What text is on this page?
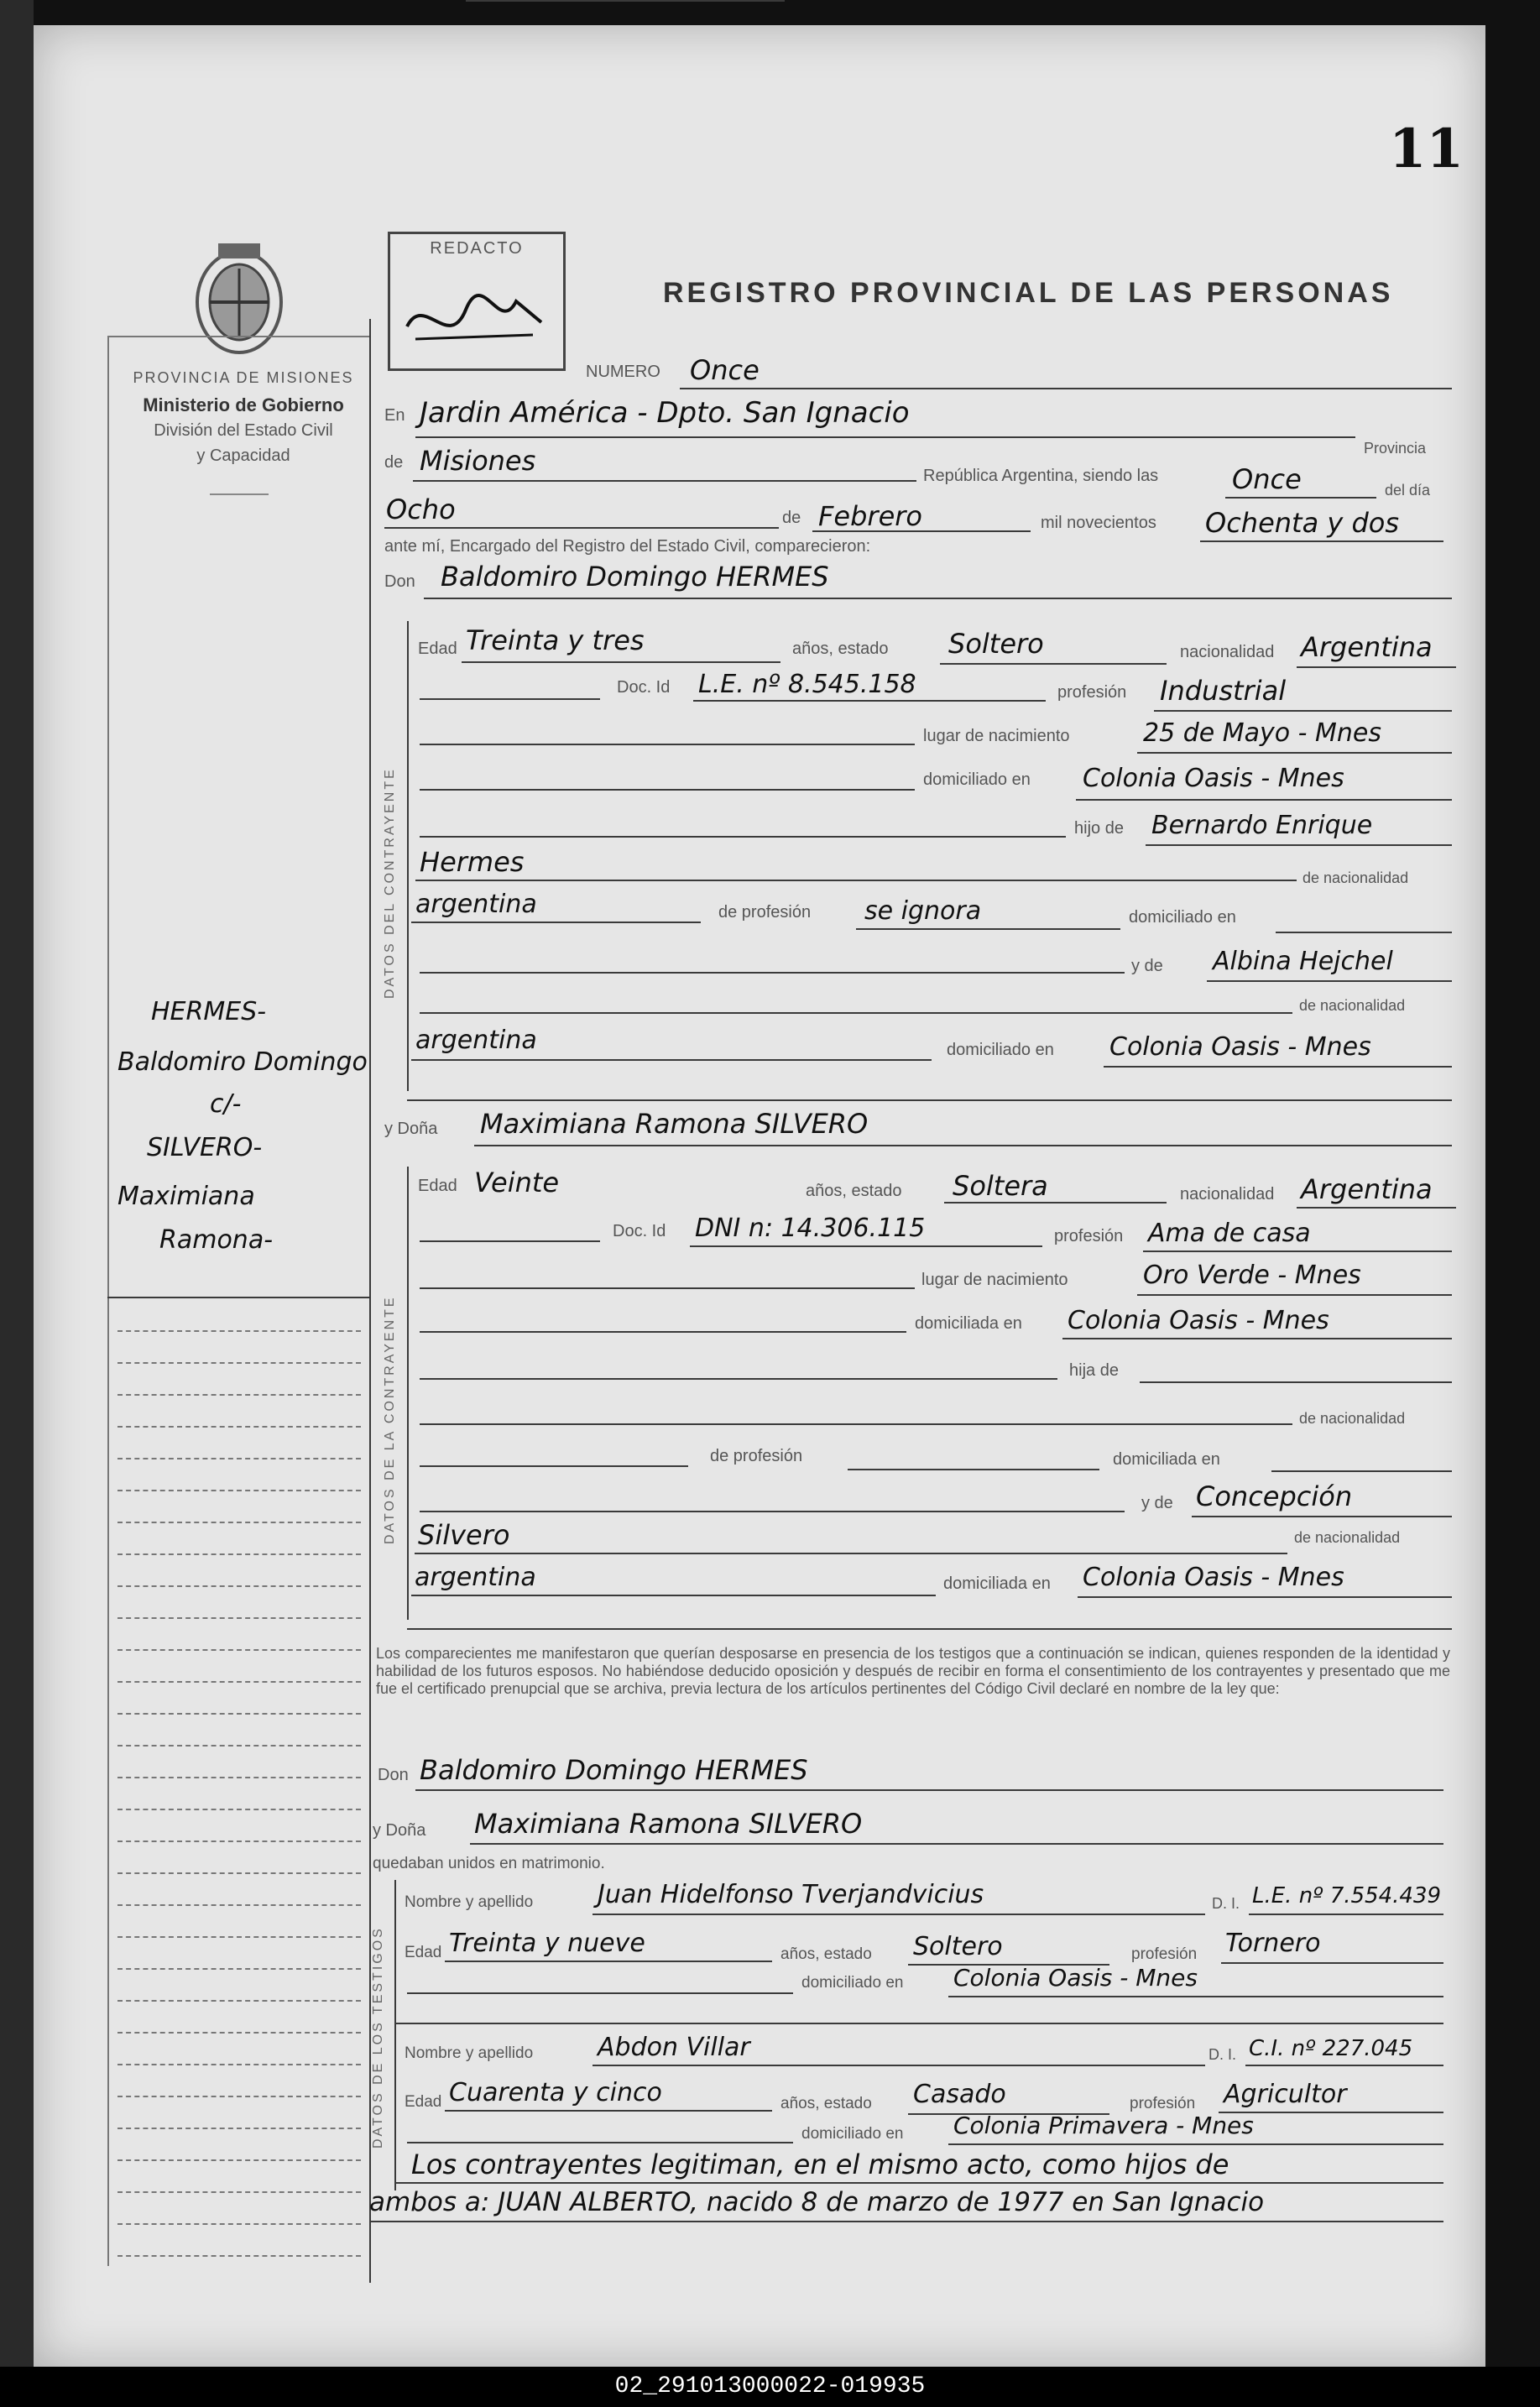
11
PROVINCIA DE MISIONES
Ministerio de Gobierno
División del Estado Civil
y Capacidad
HERMES-
Baldomiro Domingo
c/-
SILVERO-
Maximiana
Ramona-
REDACTO
REGISTRO PROVINCIAL DE LAS PERSONAS
NUMERO Once
En Jardin América - Dpto. San Ignacio
Provincia
de Misiones	República Argentina, siendo las	Once	del día
Ocho	de Febrero	mil novecientos Ochenta y dos
ante mí, Encargado del Registro del Estado Civil, comparecieron:
Don Baldomiro Domingo HERMES
DATOS DEL CONTRAYENTE
Edad Treinta y tres	años, estado Soltero	nacionalidad Argentina
Doc. Id L.E. nº 8.545.158	profesión Industrial
lugar de nacimiento	25 de Mayo - Mnes
domiciliado en Colonia Oasis - Mnes
hijo de Bernardo Enrique
Hermes	de nacionalidad
argentina	de profesión se ignora	domiciliado en
y de Albina Hejchel
de nacionalidad
argentina	domiciliado en Colonia Oasis - Mnes
y Doña Maximiana Ramona SILVERO
DATOS DE LA CONTRAYENTE
Edad Veinte	años, estado Soltera	nacionalidad Argentina
Doc. Id DNI n: 14.306.115	profesión Ama de casa
lugar de nacimiento	Oro Verde - Mnes
domiciliada en Colonia Oasis - Mnes
hija de
de nacionalidad
de profesión	domiciliada en
y de Concepción
Silvero	de nacionalidad
argentina	domiciliada en Colonia Oasis - Mnes
Los comparecientes me manifestaron que querían desposarse en presencia de los testigos que a continuación se indican, quienes responden de la identidad y habilidad de los futuros esposos. No habiéndose deducido oposición y después de recibir en forma el consentimiento de los contrayentes y presentado que me fue el certificado prenupcial que se archiva, previa lectura de los artículos pertinentes del Código Civil declaré en nombre de la ley que:
Don Baldomiro Domingo HERMES
y Doña Maximiana Ramona SILVERO
quedaban unidos en matrimonio.
DATOS DE LOS TESTIGOS
Nombre y apellido	Juan Hidelfonso Tverjandvicius	D. I. L.E. nº 7.554.439
Edad Treinta y nueve	años, estado Soltero	profesión Tornero
domiciliado en Colonia Oasis - Mnes
Nombre y apellido	Abdon Villar	D. I. C.I. nº 227.045
Edad Cuarenta y cinco	años, estado Casado	profesión Agricultor
domiciliado en Colonia Primavera - Mnes
Los contrayentes legitiman, en el mismo acto, como hijos de
ambos a: JUAN ALBERTO, nacido 8 de marzo de 1977 en San Ignacio
02_291013000022-019935
